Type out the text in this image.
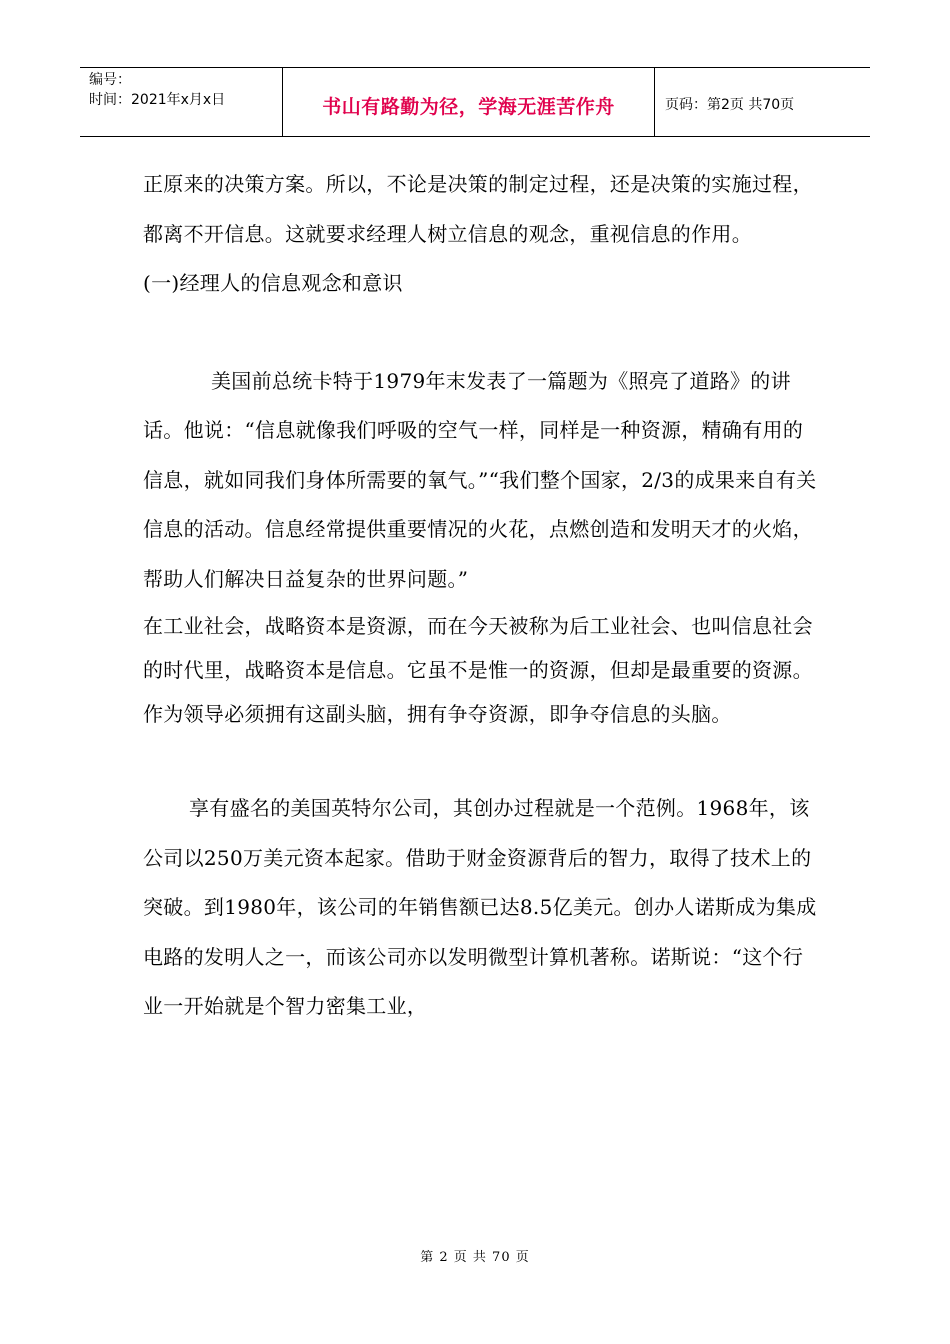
编号：
时间：2021年x月x日	书山有路勤为径，学海无涯苦作舟	页码：第2页 共70页

正原来的决策方案。所以，不论是决策的制定过程，还是决策的实施过程，都离不开信息。这就要求经理人树立信息的观念，重视信息的作用。

(一)经理人的信息观念和意识

美国前总统卡特于1979年末发表了一篇题为《照亮了道路》的讲话。他说：“信息就像我们呼吸的空气一样，同样是一种资源，精确有用的信息，就如同我们身体所需要的氧气。”“我们整个国家，2/3的成果来自有关信息的活动。信息经常提供重要情况的火花，点燃创造和发明天才的火焰，帮助人们解决日益复杂的世界问题。”

在工业社会，战略资本是资源，而在今天被称为后工业社会、也叫信息社会的时代里，战略资本是信息。它虽不是惟一的资源，但却是最重要的资源。作为领导必须拥有这副头脑，拥有争夺资源，即争夺信息的头脑。

享有盛名的美国英特尔公司，其创办过程就是一个范例。1968年，该公司以250万美元资本起家。借助于财金资源背后的智力，取得了技术上的突破。到1980年，该公司的年销售额已达8.5亿美元。创办人诺斯成为集成电路的发明人之一，而该公司亦以发明微型计算机著称。诺斯说：“这个行业一开始就是个智力密集工业，

第 2 页 共 70 页
